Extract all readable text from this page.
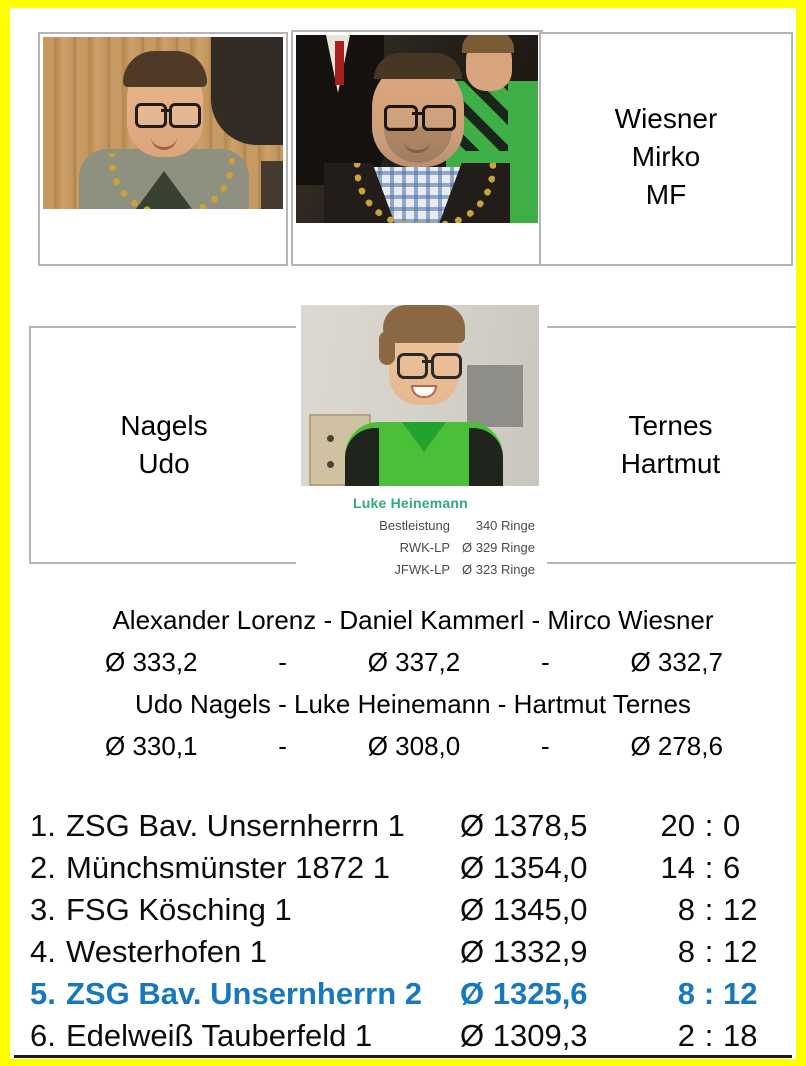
Wiesner
Mirko
MF
Nagels
Udo
Ternes
Hartmut
Luke Heinemann
Bestleistung	340 Ringe
RWK-LP Ø 329 Ringe
JFWK-LP Ø 323 Ringe
Alexander Lorenz - Daniel Kammerl - Mirco Wiesner
Ø 333,2	-	Ø 337,2	-	Ø 332,7
Udo Nagels - Luke Heinemann - Hartmut Ternes
Ø 330,1	-	Ø 308,0	-	Ø 278,6
1. ZSG Bav. Unsernherrn 1	Ø 1378,5	20 : 0
2. Münchsmünster 1872 1	Ø 1354,0	14 : 6
3. FSG Kösching 1	Ø 1345,0	8 : 12
4. Westerhofen 1	Ø 1332,9	8 : 12
5. ZSG Bav. Unsernherrn 2	Ø 1325,6	8 : 12
6. Edelweiß Tauberfeld 1	Ø 1309,3	2 : 18
